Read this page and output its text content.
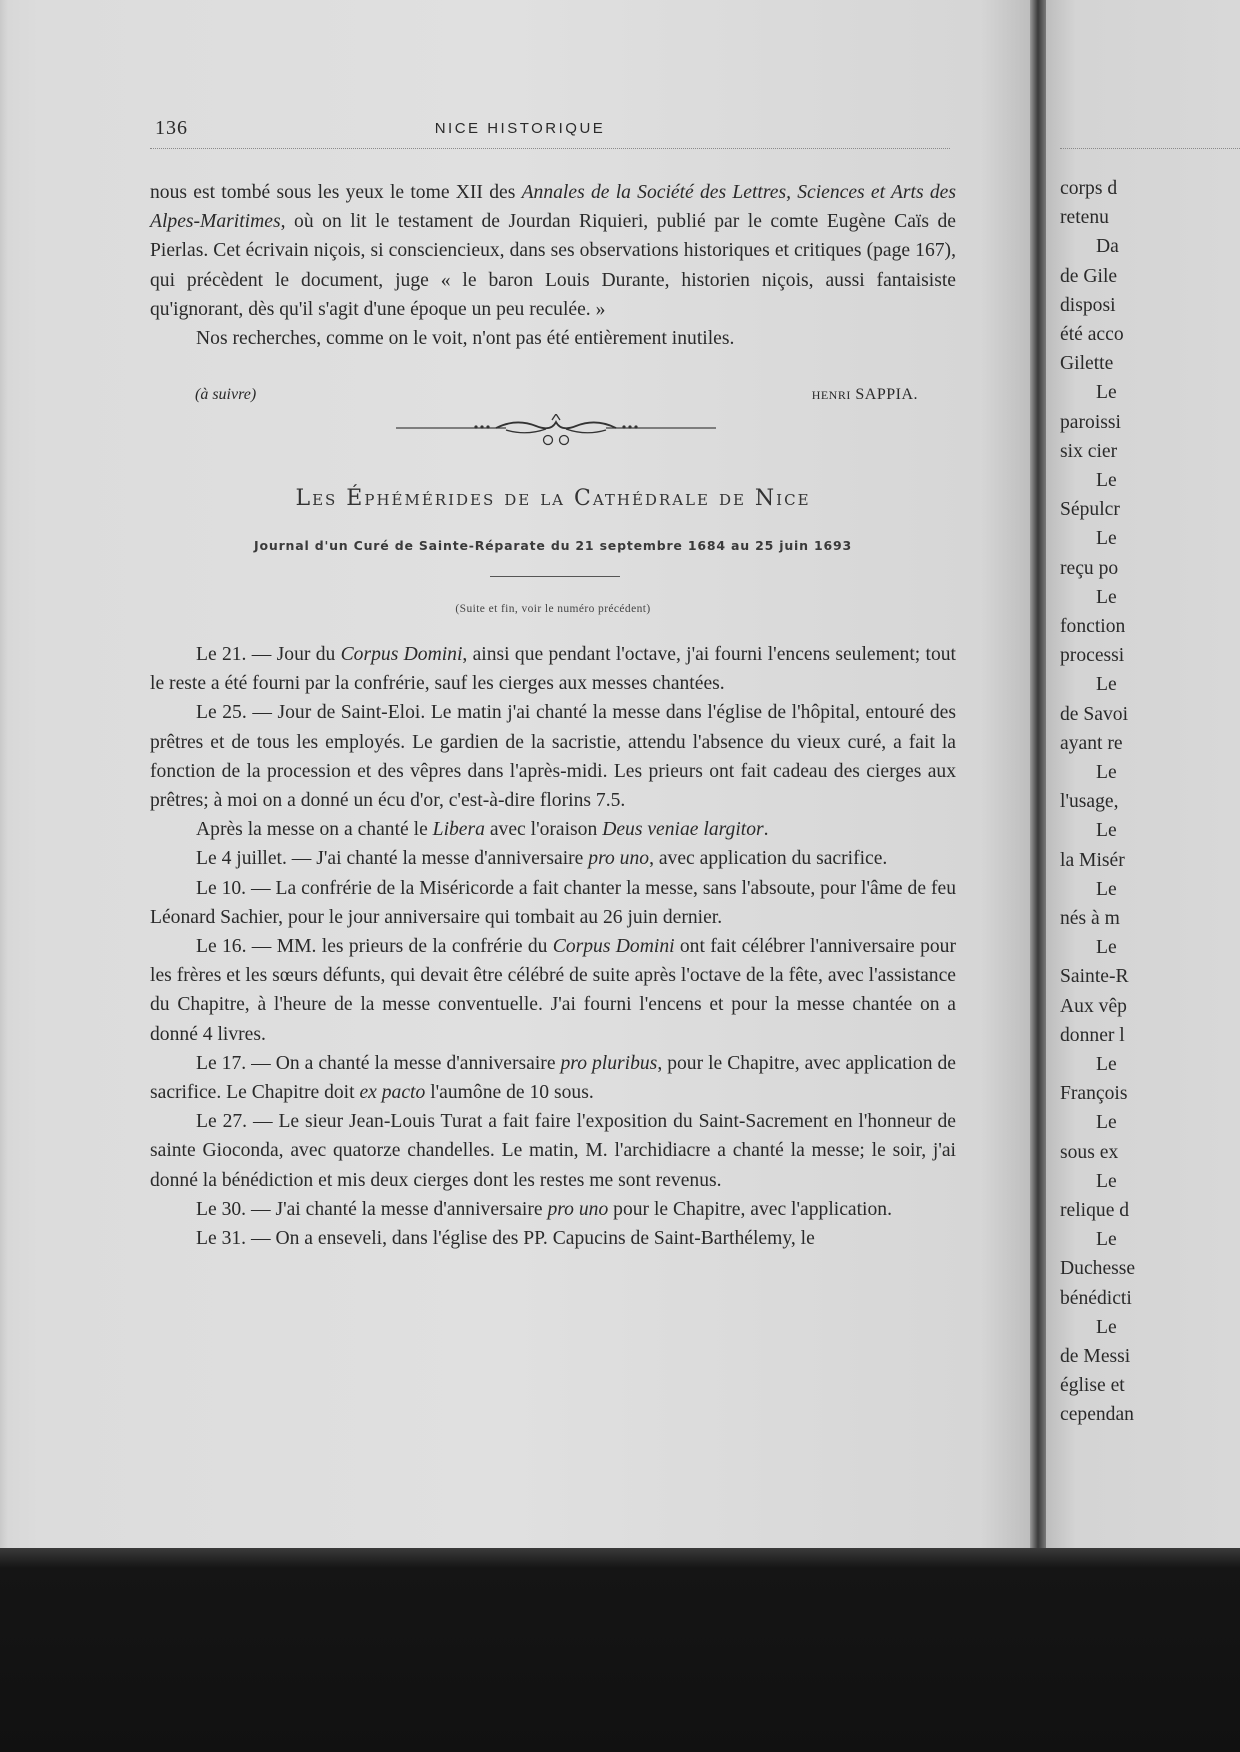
136	NICE HISTORIQUE

nous est tombé sous les yeux le tome XII des Annales de la Société des Lettres, Sciences et Arts des Alpes-Maritimes, où on lit le testament de Jourdan Riquieri, publié par le comte Eugène Caïs de Pierlas. Cet écrivain niçois, si consciencieux, dans ses observations historiques et critiques (page 167), qui précèdent le document, juge « le baron Louis Durante, historien niçois, aussi fantaisiste qu'ignorant, dès qu'il s'agit d'une époque un peu reculée. »

Nos recherches, comme on le voit, n'ont pas été entièrement inutiles.

(à suivre)	HENRI SAPPIA.
Les Éphémérides de la Cathédrale de Nice
Journal d'un Curé de Sainte-Réparate du 21 septembre 1684 au 25 juin 1693
(Suite et fin, voir le numéro précédent)

Le 21. — Jour du Corpus Domini, ainsi que pendant l'octave, j'ai fourni l'encens seulement; tout le reste a été fourni par la confrérie, sauf les cierges aux messes chantées.

Le 25. — Jour de Saint-Eloi. Le matin j'ai chanté la messe dans l'église de l'hôpital, entouré des prêtres et de tous les employés. Le gardien de la sacristie, attendu l'absence du vieux curé, a fait la fonction de la procession et des vêpres dans l'après-midi. Les prieurs ont fait cadeau des cierges aux prêtres; à moi on a donné un écu d'or, c'est-à-dire florins 7.5.

Après la messe on a chanté le Libera avec l'oraison Deus veniae largitor.

Le 4 juillet. — J'ai chanté la messe d'anniversaire pro uno, avec application du sacrifice.

Le 10. — La confrérie de la Miséricorde a fait chanter la messe, sans l'absoute, pour l'âme de feu Léonard Sachier, pour le jour anniversaire qui tombait au 26 juin dernier.

Le 16. — MM. les prieurs de la confrérie du Corpus Domini ont fait célébrer l'anniversaire pour les frères et les sœurs défunts, qui devait être célébré de suite après l'octave de la fête, avec l'assistance du Chapitre, à l'heure de la messe conventuelle. J'ai fourni l'encens et pour la messe chantée on a donné 4 livres.

Le 17. — On a chanté la messe d'anniversaire pro pluribus, pour le Chapitre, avec application de sacrifice. Le Chapitre doit ex pacto l'aumône de 10 sous.

Le 27. — Le sieur Jean-Louis Turat a fait faire l'exposition du Saint-Sacrement en l'honneur de sainte Gioconda, avec quatorze chandelles. Le matin, M. l'archidiacre a chanté la messe; le soir, j'ai donné la bénédiction et mis deux cierges dont les restes me sont revenus.

Le 30. — J'ai chanté la messe d'anniversaire pro uno pour le Chapitre, avec l'application.

Le 31. — On a enseveli, dans l'église des PP. Capucins de Saint-Barthélemy, le

corps d
retenu
Da
de Gile
disposi
été acco
Gilette
Le
paroissi
six cier
Le
Sépulcr
Le
reçu po
Le
fonction
processi
Le
de Savoi
ayant re
Le
l'usage,
Le
la Misér
Le
nés à m
Le
Sainte-R
Aux vêp
donner l
Le
François
Le
sous ex
Le
relique d
Le
Duchesse
bénédicti
Le
de Messi
église et
cependan
